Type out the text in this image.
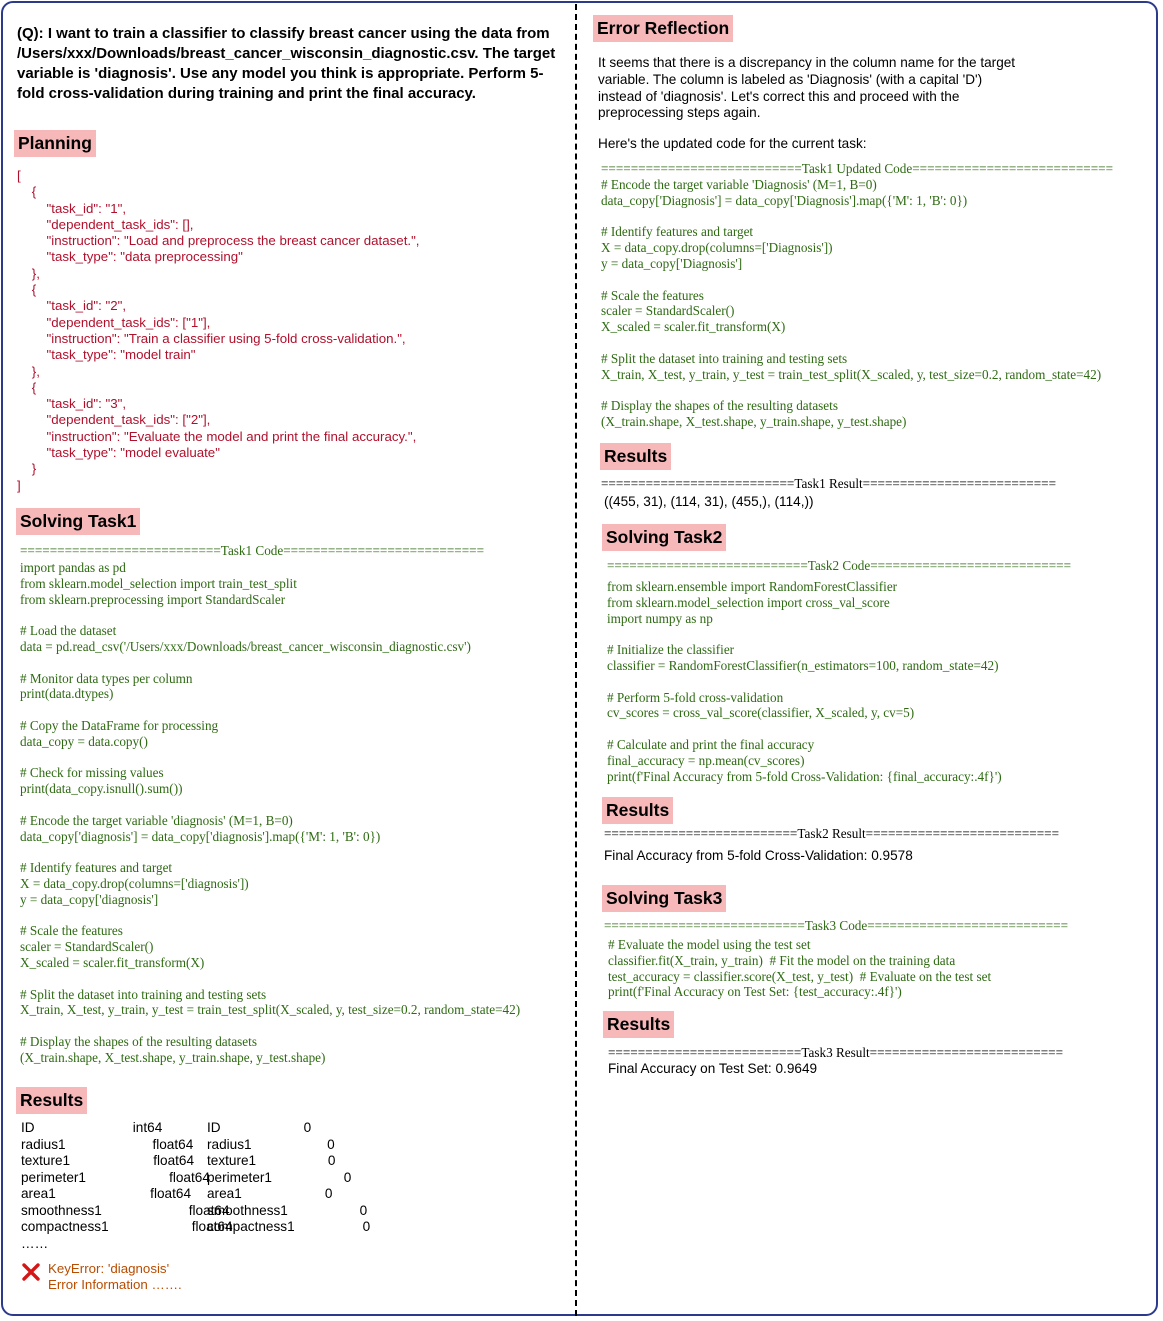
(Q): I want to train a classifier to classify breast cancer using the data from /Users/xxx/Downloads/breast_cancer_wisconsin_diagnostic.csv. The target variable is 'diagnosis'. Use any model you think is appropriate. Perform 5-fold cross-validation during training and print the final accuracy.

Planning
[
{
"task_id": "1",
"dependent_task_ids": [],
"instruction": "Load and preprocess the breast cancer dataset.",
"task_type": "data preprocessing"
},
{
"task_id": "2",
"dependent_task_ids": ["1"],
"instruction": "Train a classifier using 5-fold cross-validation.",
"task_type": "model train"
},
{
"task_id": "3",
"dependent_task_ids": ["2"],
"instruction": "Evaluate the model and print the final accuracy.",
"task_type": "model evaluate"
}
]
Solving Task1
===========================Task1 Code===========================
import pandas as pd
from sklearn.model_selection import train_test_split
from sklearn.preprocessing import StandardScaler

# Load the dataset
data = pd.read_csv('/Users/xxx/Downloads/breast_cancer_wisconsin_diagnostic.csv')

# Monitor data types per column
print(data.dtypes)

# Copy the DataFrame for processing
data_copy = data.copy()

# Check for missing values
print(data_copy.isnull().sum())

# Encode the target variable 'diagnosis' (M=1, B=0)
data_copy['diagnosis'] = data_copy['diagnosis'].map({'M': 1, 'B': 0})

# Identify features and target
X = data_copy.drop(columns=['diagnosis'])
y = data_copy['diagnosis']

# Scale the features
scaler = StandardScaler()
X_scaled = scaler.fit_transform(X)

# Split the dataset into training and testing sets
X_train, X_test, y_train, y_test = train_test_split(X_scaled, y, test_size=0.2, random_state=42)

# Display the shapes of the resulting datasets
(X_train.shape, X_test.shape, y_train.shape, y_test.shape)
Results
ID                          int64
radius1                       float64
texture1                      float64
perimeter1                      float64
area1                         float64
smoothness1                       float64
compactness1                      float64
……
ID                      0
radius1                    0
texture1                   0
perimeter1                   0
area1                      0
smoothness1                   0
compactness1                  0
KeyError: 'diagnosis'
Error Information …….
Error Reflection

It seems that there is a discrepancy in the column name for the target variable. The column is labeled as 'Diagnosis' (with a capital 'D') instead of 'diagnosis'. Let's correct this and proceed with the preprocessing steps again.

Here's the updated code for the current task:

===========================Task1 Updated Code===========================
# Encode the target variable 'Diagnosis' (M=1, B=0)
data_copy['Diagnosis'] = data_copy['Diagnosis'].map({'M': 1, 'B': 0})

# Identify features and target
X = data_copy.drop(columns=['Diagnosis'])
y = data_copy['Diagnosis']

# Scale the features
scaler = StandardScaler()
X_scaled = scaler.fit_transform(X)

# Split the dataset into training and testing sets
X_train, X_test, y_train, y_test = train_test_split(X_scaled, y, test_size=0.2, random_state=42)

# Display the shapes of the resulting datasets
(X_train.shape, X_test.shape, y_train.shape, y_test.shape)
Results
==========================Task1 Result==========================

((455, 31), (114, 31), (455,), (114,))

Solving Task2
===========================Task2 Code===========================
from sklearn.ensemble import RandomForestClassifier
from sklearn.model_selection import cross_val_score
import numpy as np

# Initialize the classifier
classifier = RandomForestClassifier(n_estimators=100, random_state=42)

# Perform 5-fold cross-validation
cv_scores = cross_val_score(classifier, X_scaled, y, cv=5)

# Calculate and print the final accuracy
final_accuracy = np.mean(cv_scores)
print(f'Final Accuracy from 5-fold Cross-Validation: {final_accuracy:.4f}')
Results
==========================Task2 Result==========================

Final Accuracy from 5-fold Cross-Validation: 0.9578

Solving Task3
===========================Task3 Code===========================
# Evaluate the model using the test set
classifier.fit(X_train, y_train)  # Fit the model on the training data
test_accuracy = classifier.score(X_test, y_test)  # Evaluate on the test set
print(f'Final Accuracy on Test Set: {test_accuracy:.4f}')
Results
==========================Task3 Result==========================

Final Accuracy on Test Set: 0.9649
